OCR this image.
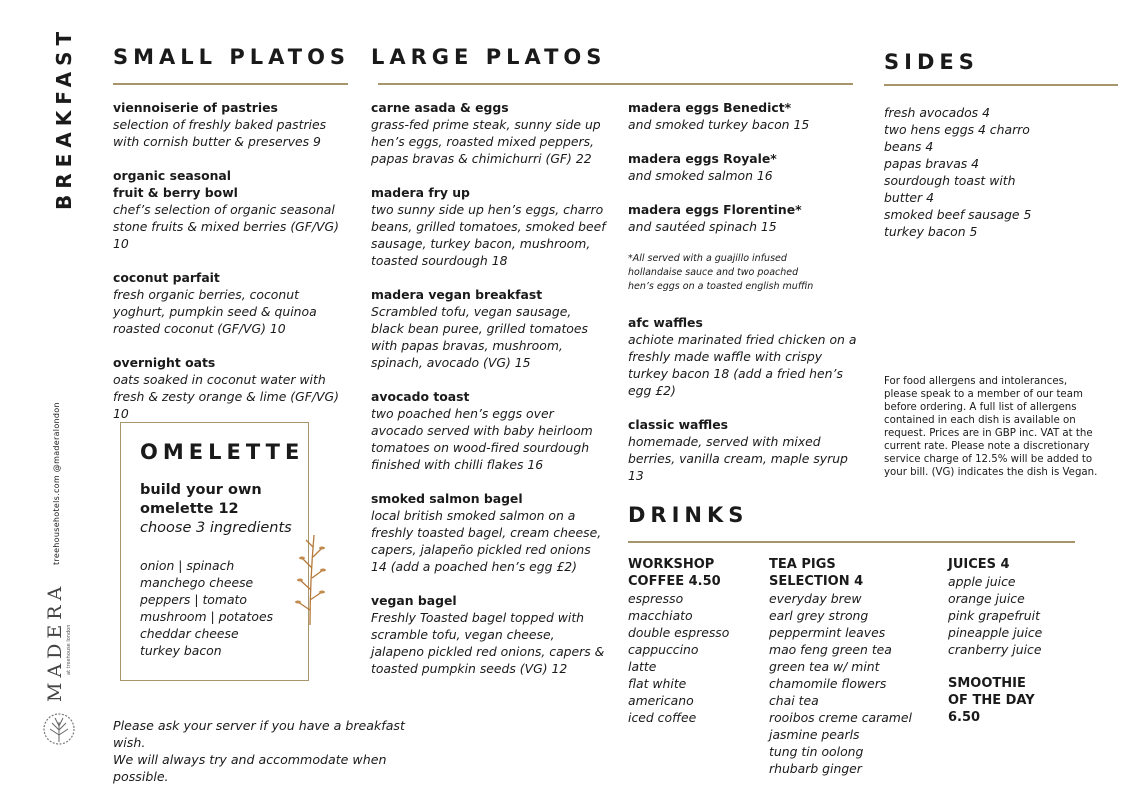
BREAKFAST
treehousehotels.com @maderalondon
MADERA at treehouse london
SMALL PLATOS
viennoiserie of pastries
selection of freshly baked pastries with cornish butter & preserves 9
organic seasonal fruit & berry bowl
chef’s selection of organic seasonal stone fruits & mixed berries (GF/VG) 10
coconut parfait
fresh organic berries, coconut yoghurt, pumpkin seed & quinoa roasted coconut (GF/VG) 10
overnight oats
oats soaked in coconut water with fresh & zesty orange & lime (GF/VG) 10
OMELETTE
build your own omelette 12
choose 3 ingredients
onion | spinach
manchego cheese
peppers | tomato
mushroom | potatoes
cheddar cheese
turkey bacon
Please ask your server if you have a breakfast wish.
We will always try and accommodate when possible.
LARGE PLATOS
carne asada & eggs
grass-fed prime steak, sunny side up hen’s eggs, roasted mixed peppers, papas bravas & chimichurri (GF) 22
madera fry up
two sunny side up hen’s eggs, charro beans, grilled tomatoes, smoked beef sausage, turkey bacon, mushroom, toasted sourdough 18
madera vegan breakfast
Scrambled tofu, vegan sausage, black bean puree, grilled tomatoes with papas bravas, mushroom, spinach, avocado (VG) 15
avocado toast
two poached hen’s eggs over avocado served with baby heirloom tomatoes on wood-fired sourdough finished with chilli flakes 16
smoked salmon bagel
local british smoked salmon on a freshly toasted bagel, cream cheese, capers, jalapeño pickled red onions 14 (add a poached hen’s egg £2)
vegan bagel
Freshly Toasted bagel topped with scramble tofu, vegan cheese, jalapeno pickled red onions, capers & toasted pumpkin seeds (VG) 12
madera eggs Benedict*
and smoked turkey bacon 15
madera eggs Royale*
and smoked salmon 16
madera eggs Florentine*
and sautéed spinach 15
*All served with a guajillo infused hollandaise sauce and two poached hen’s eggs on a toasted english muffin
afc waffles
achiote marinated fried chicken on a freshly made waffle with crispy turkey bacon 18 (add a fried hen’s egg £2)
classic waffles
homemade, served with mixed berries, vanilla cream, maple syrup 13
SIDES
fresh avocados 4
two hens eggs 4 charro beans 4
papas bravas 4
sourdough toast with butter 4
smoked beef sausage 5
turkey bacon 5
For food allergens and intolerances, please speak to a member of our team before ordering. A full list of allergens contained in each dish is available on request. Prices are in GBP inc. VAT at the current rate. Please note a discretionary service charge of 12.5% will be added to your bill. (VG) indicates the dish is Vegan.
DRINKS
WORKSHOP COFFEE 4.50
espresso
macchiato
double espresso
cappuccino
latte
flat white
americano
iced coffee
TEA PIGS SELECTION 4
everyday brew
earl grey strong
peppermint leaves
mao feng green tea
green tea w/ mint
chamomile flowers
chai tea
rooibos creme caramel
jasmine pearls
tung tin oolong
rhubarb ginger
JUICES 4
apple juice
orange juice
pink grapefruit
pineapple juice
cranberry juice
SMOOTHIE OF THE DAY 6.50
